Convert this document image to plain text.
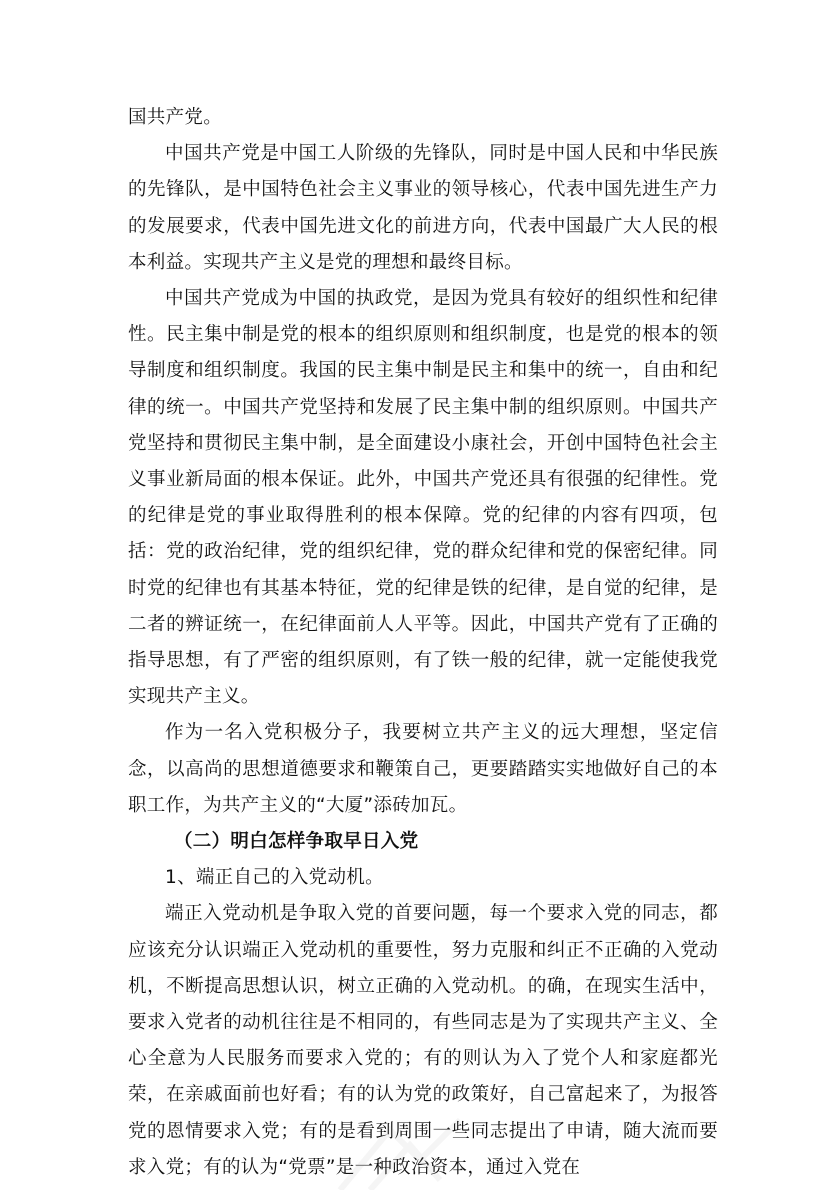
国共产党。

中国共产党是中国工人阶级的先锋队，同时是中国人民和中华民族的先锋队，是中国特色社会主义事业的领导核心，代表中国先进生产力的发展要求，代表中国先进文化的前进方向，代表中国最广大人民的根本利益。实现共产主义是党的理想和最终目标。

中国共产党成为中国的执政党，是因为党具有较好的组织性和纪律性。民主集中制是党的根本的组织原则和组织制度，也是党的根本的领导制度和组织制度。我国的民主集中制是民主和集中的统一，自由和纪律的统一。中国共产党坚持和发展了民主集中制的组织原则。中国共产党坚持和贯彻民主集中制，是全面建设小康社会，开创中国特色社会主义事业新局面的根本保证。此外，中国共产党还具有很强的纪律性。党的纪律是党的事业取得胜利的根本保障。党的纪律的内容有四项，包括：党的政治纪律，党的组织纪律，党的群众纪律和党的保密纪律。同时党的纪律也有其基本特征，党的纪律是铁的纪律，是自觉的纪律，是二者的辨证统一，在纪律面前人人平等。因此，中国共产党有了正确的指导思想，有了严密的组织原则，有了铁一般的纪律，就一定能使我党实现共产主义。

作为一名入党积极分子，我要树立共产主义的远大理想，坚定信念，以高尚的思想道德要求和鞭策自己，更要踏踏实实地做好自己的本职工作，为共产主义的“大厦”添砖加瓦。

（二）明白怎样争取早日入党

1、端正自己的入党动机。

端正入党动机是争取入党的首要问题，每一个要求入党的同志，都应该充分认识端正入党动机的重要性，努力克服和纠正不正确的入党动机，不断提高思想认识，树立正确的入党动机。的确，在现实生活中，要求入党者的动机往往是不相同的，有些同志是为了实现共产主义、全心全意为人民服务而要求入党的；有的则认为入了党个人和家庭都光荣，在亲戚面前也好看；有的认为党的政策好，自己富起来了，为报答党的恩情要求入党；有的是看到周围一些同志提出了申请，随大流而要求入党；有的认为“党票”是一种政治资本，通过入党在
